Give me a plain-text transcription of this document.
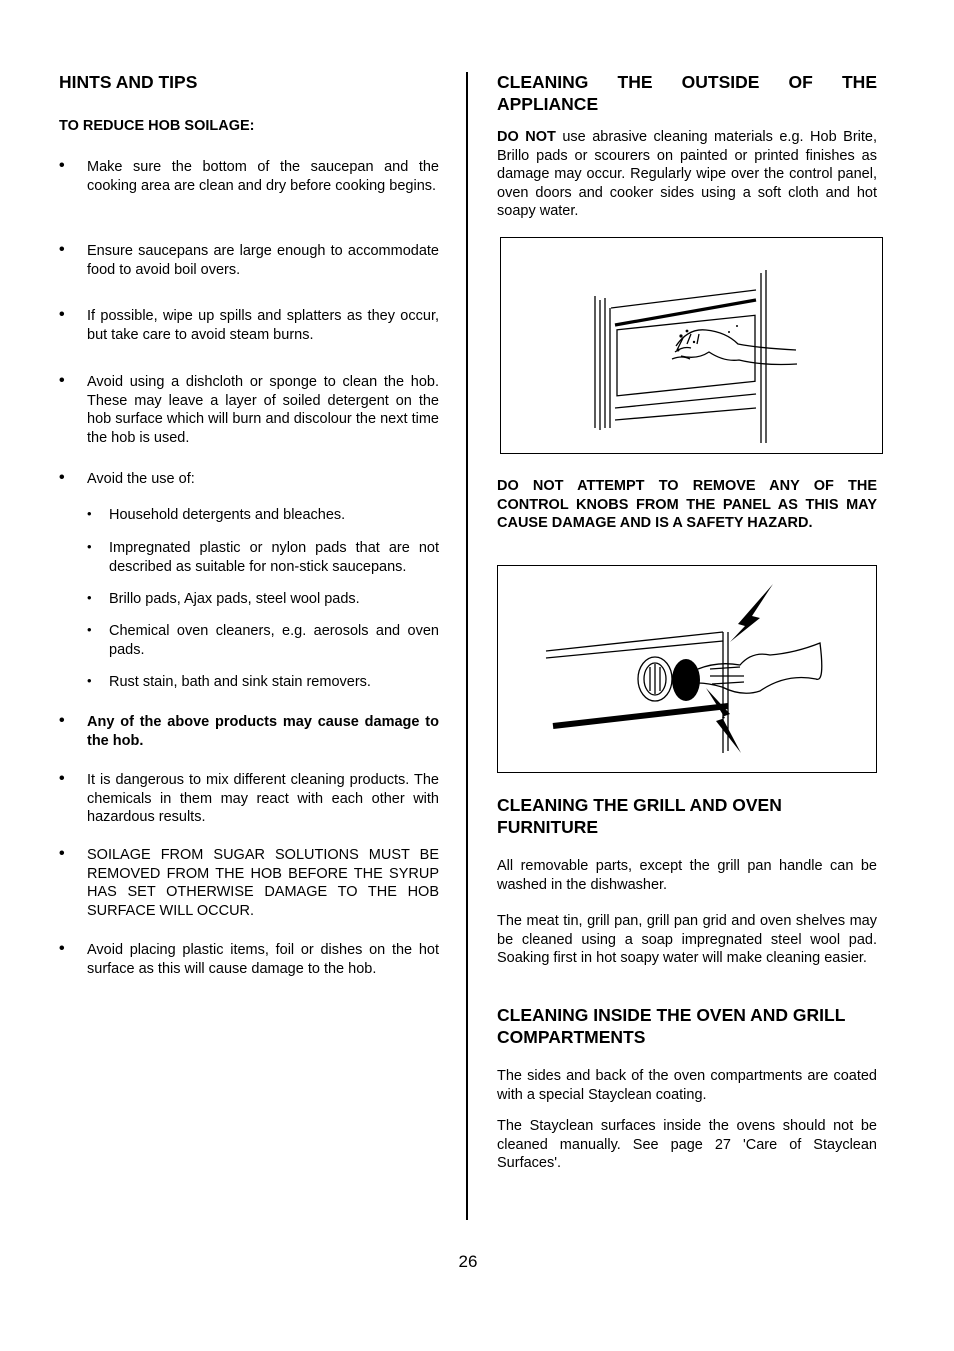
HINTS AND TIPS
TO REDUCE HOB SOILAGE:
• Make sure the bottom of the saucepan and the cooking area are clean and dry before cooking begins.
• Ensure saucepans are large enough to accommodate food to avoid boil overs.
• If possible, wipe up spills and splatters as they occur, but take care to avoid steam burns.
• Avoid using a dishcloth or sponge to clean the hob. These may leave a layer of soiled detergent on the hob surface which will burn and discolour the next time the hob is used.
• Avoid the use of:
• Household detergents and bleaches.
• Impregnated plastic or nylon pads that are not described as suitable for non-stick saucepans.
• Brillo pads, Ajax pads, steel wool pads.
• Chemical oven cleaners, e.g. aerosols and oven pads.
• Rust stain, bath and sink stain removers.
• Any of the above products may cause damage to the hob.
• It is dangerous to mix different cleaning products. The chemicals in them may react with each other with hazardous results.
• SOILAGE FROM SUGAR SOLUTIONS MUST BE REMOVED FROM THE HOB BEFORE THE SYRUP HAS SET OTHERWISE DAMAGE TO THE HOB SURFACE WILL OCCUR.
• Avoid placing plastic items, foil or dishes on the hot surface as this will cause damage to the hob.
CLEANING THE OUTSIDE OF THE APPLIANCE

DO NOT use abrasive cleaning materials e.g. Hob Brite, Brillo pads or scourers on painted or printed finishes as damage may occur. Regularly wipe over the control panel, oven doors and cooker sides using a soft cloth and hot soapy water.

DO NOT ATTEMPT TO REMOVE ANY OF THE CONTROL KNOBS FROM THE PANEL AS THIS MAY CAUSE DAMAGE AND IS A SAFETY HAZARD.

CLEANING THE GRILL AND OVEN FURNITURE

All removable parts, except the grill pan handle can be washed in the dishwasher.

The meat tin, grill pan, grill pan grid and oven shelves may be cleaned using a soap impregnated steel wool pad. Soaking first in hot soapy water will make cleaning easier.

CLEANING INSIDE THE OVEN AND GRILL COMPARTMENTS

The sides and back of the oven compartments are coated with a special Stayclean coating.

The Stayclean surfaces inside the ovens should not be cleaned manually. See page 27 'Care of Stayclean Surfaces'.

26
